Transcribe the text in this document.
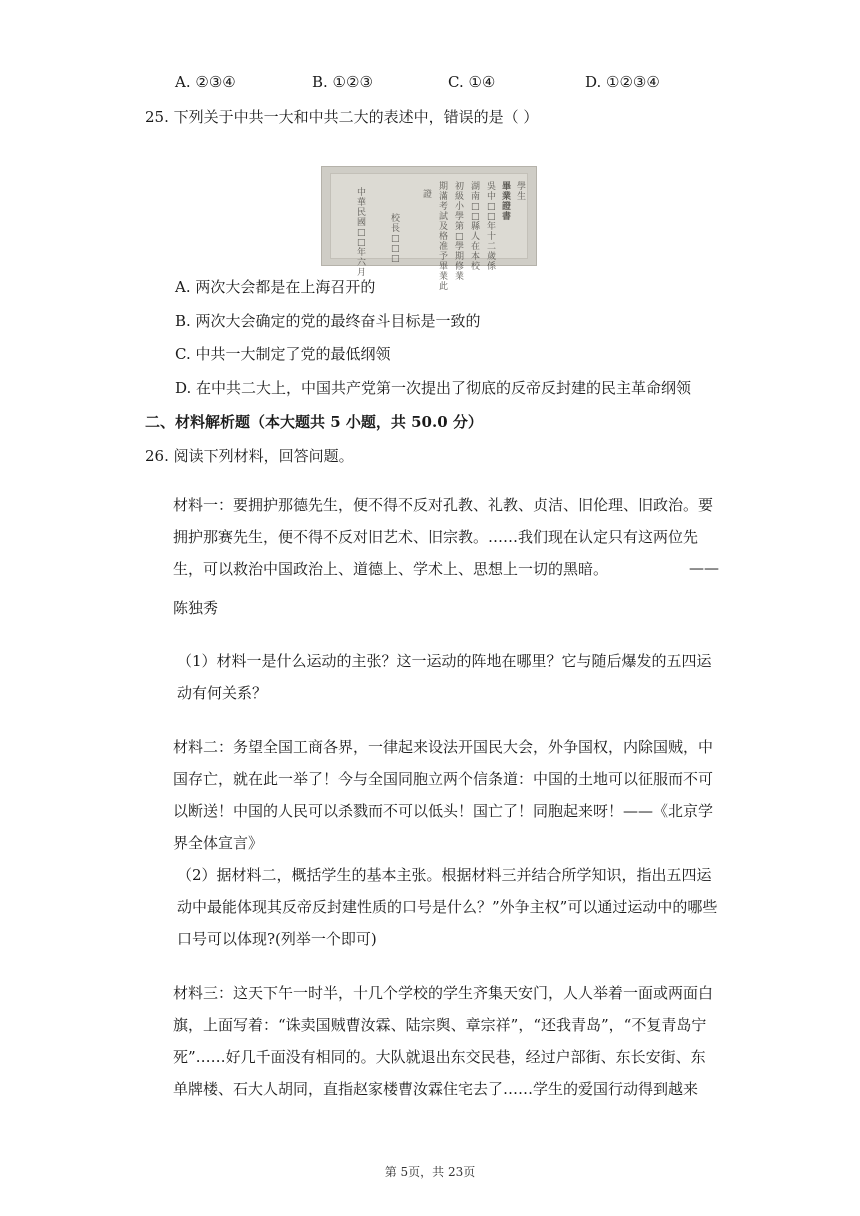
A. ②③④	B. ①②③	C. ①④	D. ①②③④
25. 下列关于中共一大和中共二大的表述中，错误的是（ ）
畢業證書
學生
吳中□□年十二歲係
湖南□□縣人在本校
初級小學第□學期修業
期滿考試及格准予畢業此
證
校長□□□
中華民國□□年六月
A. 两次大会都是在上海召开的
B. 两次大会确定的党的最终奋斗目标是一致的
C. 中共一大制定了党的最低纲领
D. 在中共二大上，中国共产党第一次提出了彻底的反帝反封建的民主革命纲领
二、材料解析题（本大题共 5 小题，共 50.0 分）
26. 阅读下列材料，回答问题。
材料一：要拥护那德先生，便不得不反对孔教、礼教、贞洁、旧伦理、旧政治。要拥护那赛先生，便不得不反对旧艺术、旧宗教。……我们现在认定只有这两位先生，可以救治中国政治上、道德上、学术上、思想上一切的黑暗。	——
陈独秀
（1）材料一是什么运动的主张？这一运动的阵地在哪里？它与随后爆发的五四运动有何关系？
材料二：务望全国工商各界，一律起来设法开国民大会，外争国权，内除国贼，中国存亡，就在此一举了！今与全国同胞立两个信条道：中国的土地可以征服而不可以断送！中国的人民可以杀戮而不可以低头！国亡了！同胞起来呀！——《北京学界全体宣言》
（2）据材料二，概括学生的基本主张。根据材料三并结合所学知识，指出五四运动中最能体现其反帝反封建性质的口号是什么？”外争主权”可以通过运动中的哪些口号可以体现?(列举一个即可)
材料三：这天下午一时半，十几个学校的学生齐集天安门，人人举着一面或两面白旗，上面写着：“诛卖国贼曹汝霖、陆宗舆、章宗祥”，“还我青岛”，“不复青岛宁死”……好几千面没有相同的。大队就退出东交民巷，经过户部街、东长安街、东单牌楼、石大人胡同，直指赵家楼曹汝霖住宅去了……学生的爱国行动得到越来
第 5页，共 23页
